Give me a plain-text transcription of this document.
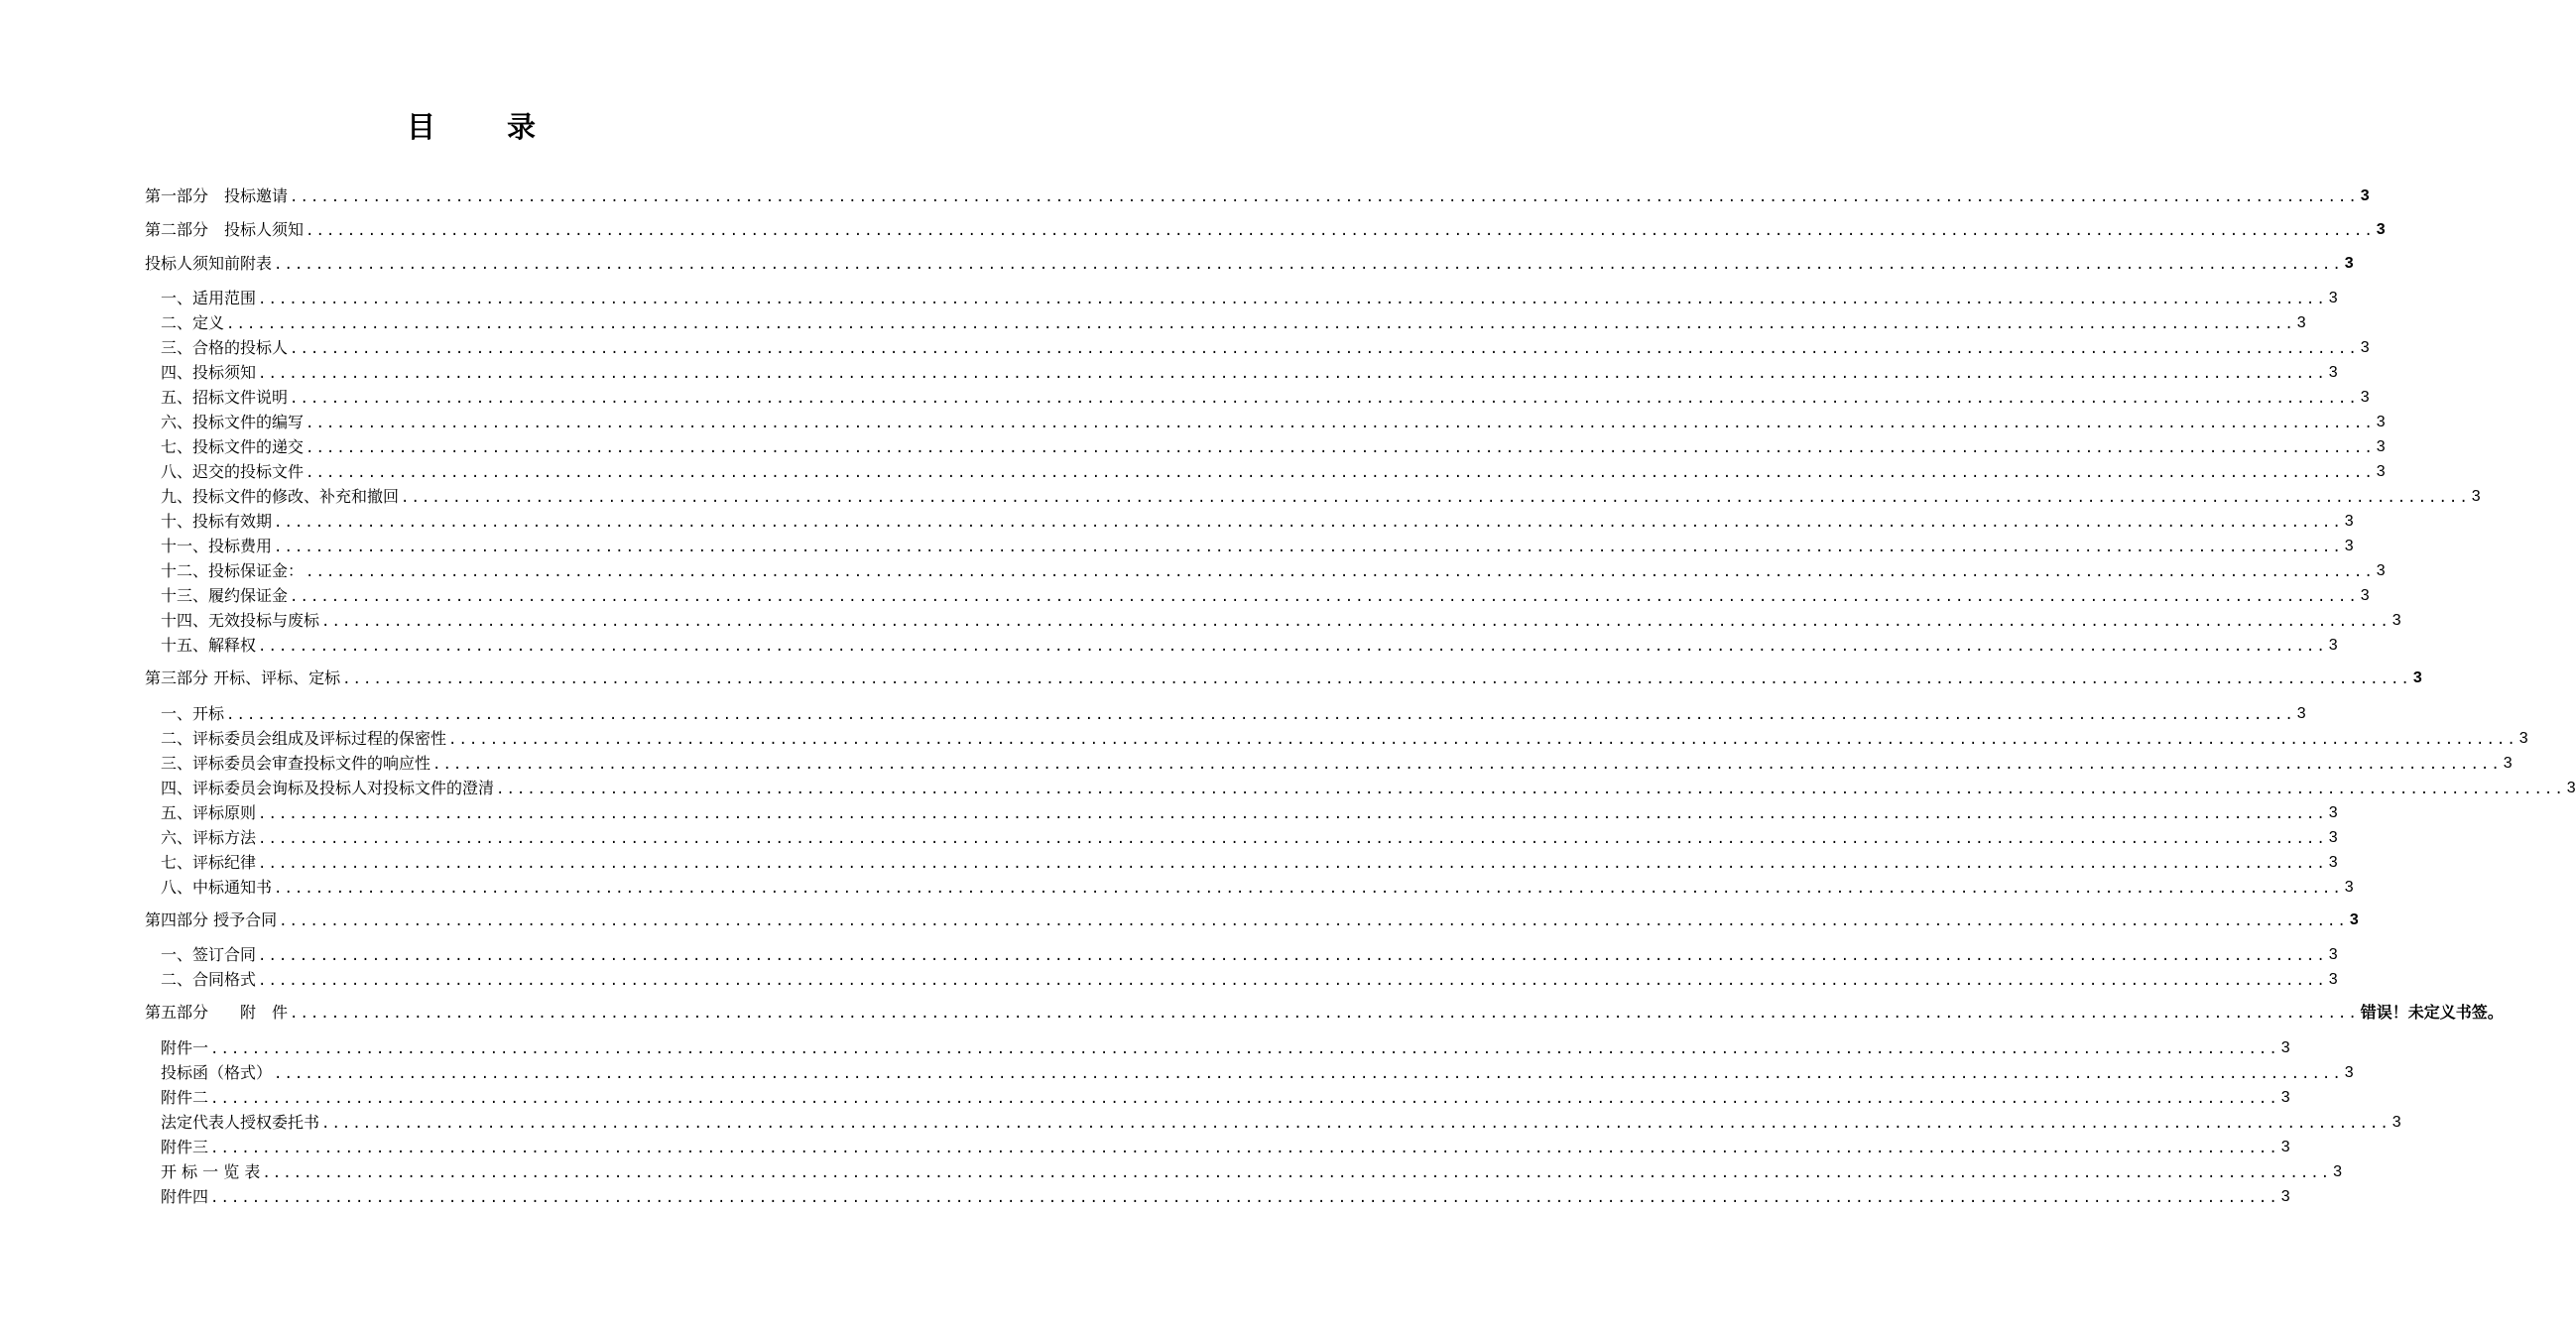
目 录
第一部分　投标邀请 ........................................................................................................................................................................................................ 3
第二部分　投标人须知 ........................................................................................................................................................................................................ 3
投标人须知前附表 ........................................................................................................................................................................................................ 3
一、适用范围 ........................................................................................................................................................................................................ 3
二、定义 ........................................................................................................................................................................................................ 3
三、合格的投标人 ........................................................................................................................................................................................................ 3
四、投标须知 ........................................................................................................................................................................................................ 3
五、招标文件说明 ........................................................................................................................................................................................................ 3
六、投标文件的编写 ........................................................................................................................................................................................................ 3
七、投标文件的递交 ........................................................................................................................................................................................................ 3
八、迟交的投标文件 ........................................................................................................................................................................................................ 3
九、投标文件的修改、补充和撤回 ........................................................................................................................................................................................................ 3
十、投标有效期 ........................................................................................................................................................................................................ 3
十一、投标费用 ........................................................................................................................................................................................................ 3
十二、投标保证金： ........................................................................................................................................................................................................ 3
十三、履约保证金 ........................................................................................................................................................................................................ 3
十四、无效投标与废标 ........................................................................................................................................................................................................ 3
十五、解释权 ........................................................................................................................................................................................................ 3
第三部分 开标、评标、定标 ........................................................................................................................................................................................................ 3
一、开标 ........................................................................................................................................................................................................ 3
二、评标委员会组成及评标过程的保密性 ........................................................................................................................................................................................................ 3
三、评标委员会审查投标文件的响应性 ........................................................................................................................................................................................................ 3
四、评标委员会询标及投标人对投标文件的澄清 ........................................................................................................................................................................................................ 3
五、评标原则 ........................................................................................................................................................................................................ 3
六、评标方法 ........................................................................................................................................................................................................ 3
七、评标纪律 ........................................................................................................................................................................................................ 3
八、中标通知书 ........................................................................................................................................................................................................ 3
第四部分 授予合同 ........................................................................................................................................................................................................ 3
一、签订合同 ........................................................................................................................................................................................................ 3
二、合同格式 ........................................................................................................................................................................................................ 3
第五部分　　附　件 ........................................................................................................................................................................................................ 错误！未定义书签。
附件一 ........................................................................................................................................................................................................ 3
投标函（格式） ........................................................................................................................................................................................................ 3
附件二 ........................................................................................................................................................................................................ 3
法定代表人授权委托书 ........................................................................................................................................................................................................ 3
附件三 ........................................................................................................................................................................................................ 3
开 标 一 览 表 ........................................................................................................................................................................................................ 3
附件四 ........................................................................................................................................................................................................ 3
